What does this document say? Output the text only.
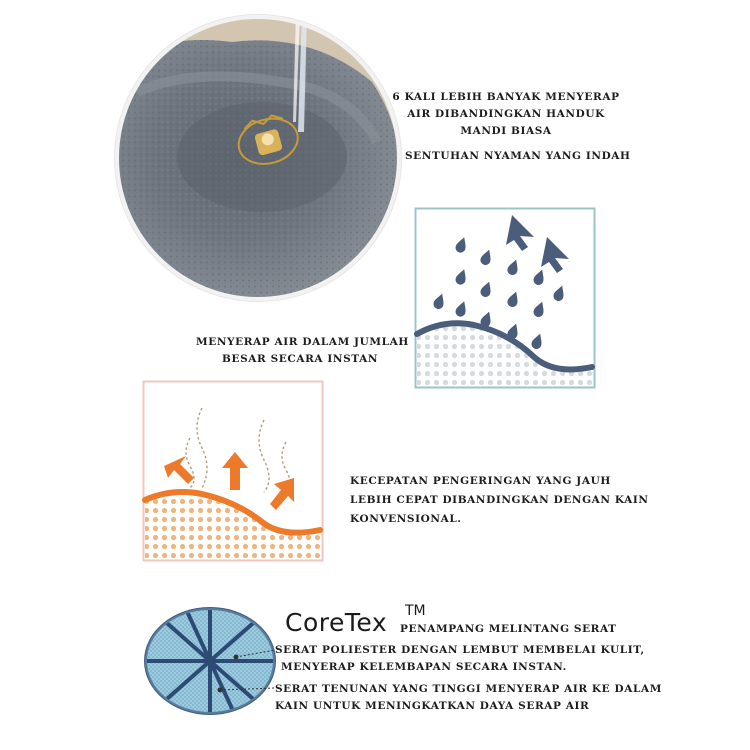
6 KALI LEBIH BANYAK MENYERAP
AIR DIBANDINGKAN HANDUK
MANDI BIASA
SENTUHAN NYAMAN YANG INDAH
MENYERAP AIR DALAM JUMLAH
BESAR SECARA INSTAN
KECEPATAN PENGERINGAN YANG JAUH
LEBIH CEPAT DIBANDINGKAN DENGAN KAIN
KONVENSIONAL.
CoreTex TM
PENAMPANG MELINTANG SERAT
SERAT POLIESTER DENGAN LEMBUT MEMBELAI KULIT,
MENYERAP KELEMBAPAN SECARA INSTAN.
SERAT TENUNAN YANG TINGGI MENYERAP AIR KE DALAM
KAIN UNTUK MENINGKATKAN DAYA SERAP AIR
